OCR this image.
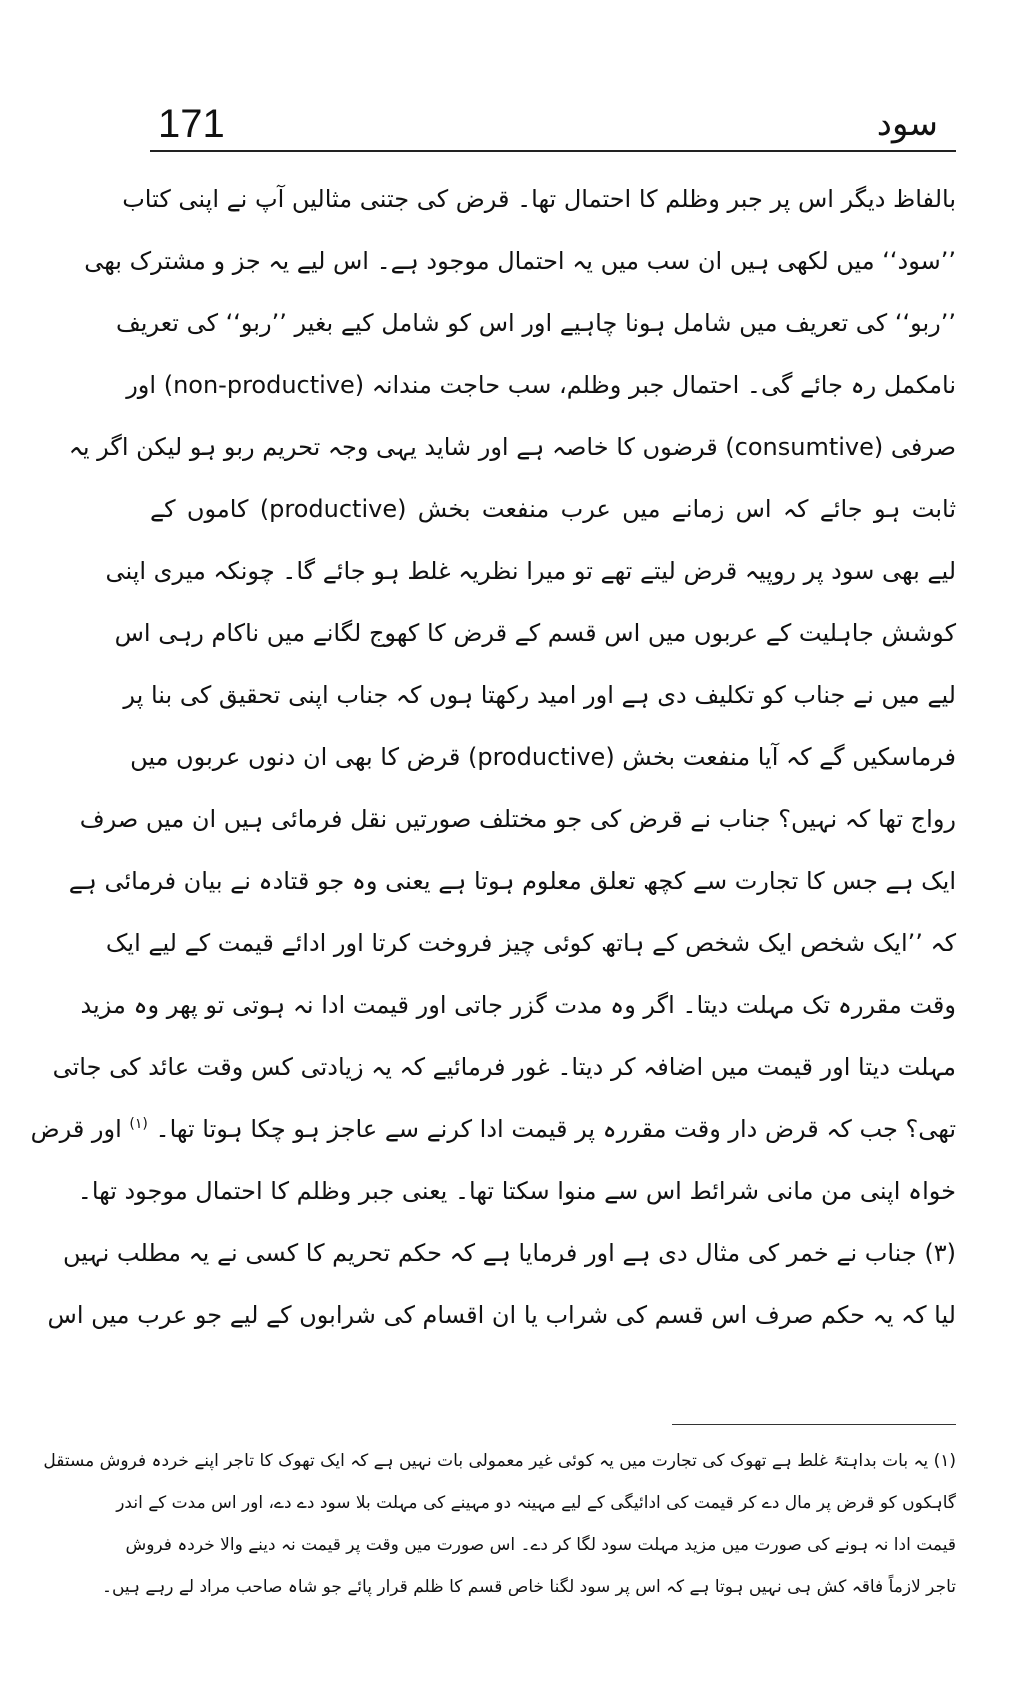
171	سود
بالفاظ دیگر اس پر جبر وظلم کا احتمال تھا۔ قرض کی جتنی مثالیں آپ نے اپنی کتاب
’’سود‘‘ میں لکھی ہیں ان سب میں یہ احتمال موجود ہے۔ اس لیے یہ جز و مشترک بھی
’’ربو‘‘ کی تعریف میں شامل ہونا چاہیے اور اس کو شامل کیے بغیر ’’ربو‘‘ کی تعریف
نامکمل رہ جائے گی۔ احتمال جبر وظلم، سب حاجت مندانہ (non-productive) اور
صرفی (consumtive) قرضوں کا خاصہ ہے اور شاید یہی وجہ تحریم ربو ہو لیکن اگر یہ
ثابت ہو جائے کہ اس زمانے میں عرب منفعت بخش (productive) کاموں کے
لیے بھی سود پر روپیہ قرض لیتے تھے تو میرا نظریہ غلط ہو جائے گا۔ چونکہ میری اپنی
کوشش جاہلیت کے عربوں میں اس قسم کے قرض کا کھوج لگانے میں ناکام رہی اس
لیے میں نے جناب کو تکلیف دی ہے اور امید رکھتا ہوں کہ جناب اپنی تحقیق کی بنا پر
فرماسکیں گے کہ آیا منفعت بخش (productive) قرض کا بھی ان دنوں عربوں میں
رواج تھا کہ نہیں؟ جناب نے قرض کی جو مختلف صورتیں نقل فرمائی ہیں ان میں صرف
ایک ہے جس کا تجارت سے کچھ تعلق معلوم ہوتا ہے یعنی وہ جو قتادہ نے بیان فرمائی ہے
کہ ’’ایک شخص ایک شخص کے ہاتھ کوئی چیز فروخت کرتا اور ادائے قیمت کے لیے ایک
وقت مقررہ تک مہلت دیتا۔ اگر وہ مدت گزر جاتی اور قیمت ادا نہ ہوتی تو پھر وہ مزید
مہلت دیتا اور قیمت میں اضافہ کر دیتا۔ غور فرمائیے کہ یہ زیادتی کس وقت عائد کی جاتی
تھی؟ جب کہ قرض دار وقت مقررہ پر قیمت ادا کرنے سے عاجز ہو چکا ہوتا تھا۔ $^{(۱)}$ اور قرض
خواہ اپنی من مانی شرائط اس سے منوا سکتا تھا۔ یعنی جبر وظلم کا احتمال موجود تھا۔
(۳) جناب نے خمر کی مثال دی ہے اور فرمایا ہے کہ حکم تحریم کا کسی نے یہ مطلب نہیں
لیا کہ یہ حکم صرف اس قسم کی شراب یا ان اقسام کی شرابوں کے لیے جو عرب میں اس
(۱) یہ بات بداہتہً غلط ہے تھوک کی تجارت میں یہ کوئی غیر معمولی بات نہیں ہے کہ ایک تھوک کا تاجر اپنے خردہ فروش مستقل
گاہکوں کو قرض پر مال دے کر قیمت کی ادائیگی کے لیے مہینہ دو مہینے کی مہلت بلا سود دے دے، اور اس مدت کے اندر
قیمت ادا نہ ہونے کی صورت میں مزید مہلت سود لگا کر دے۔ اس صورت میں وقت پر قیمت نہ دینے والا خردہ فروش
تاجر لازماً فاقہ کش ہی نہیں ہوتا ہے کہ اس پر سود لگنا خاص قسم کا ظلم قرار پائے جو شاہ صاحب مراد لے رہے ہیں۔
